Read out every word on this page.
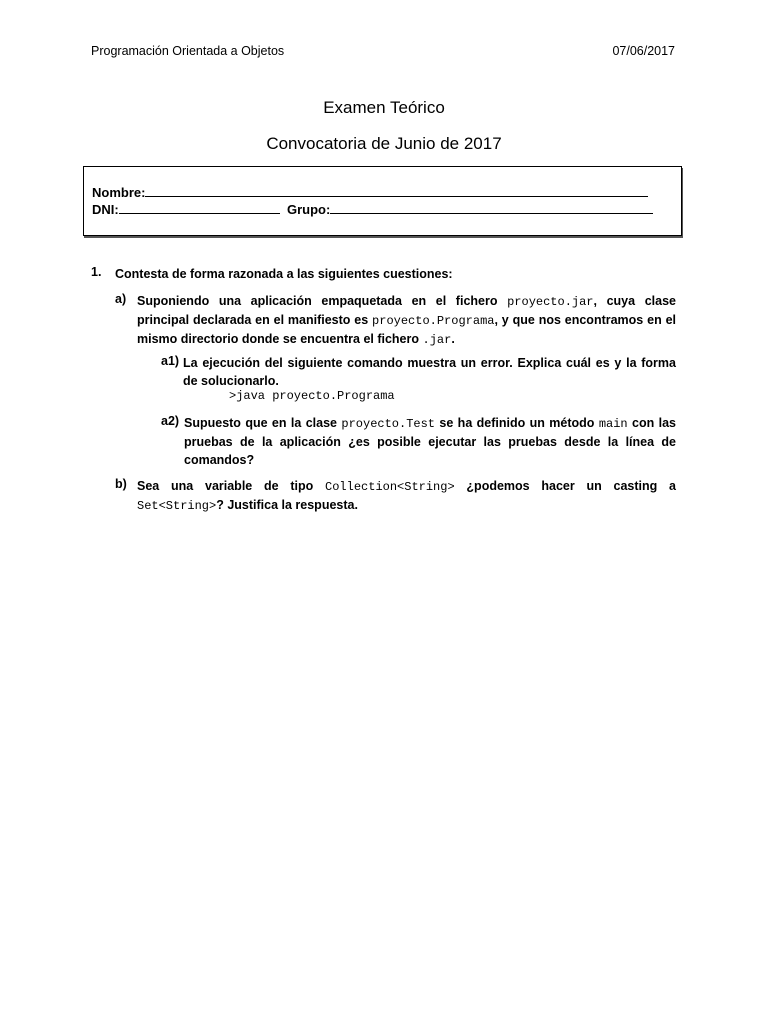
Programación Orientada a Objetos	07/06/2017
Examen Teórico
Convocatoria de Junio de 2017
Nombre:
DNI:	Grupo:
1. Contesta de forma razonada a las siguientes cuestiones:
a) Suponiendo una aplicación empaquetada en el fichero proyecto.jar, cuya clase principal declarada en el manifiesto es proyecto.Programa, y que nos encontramos en el mismo directorio donde se encuentra el fichero .jar.
a1) La ejecución del siguiente comando muestra un error. Explica cuál es y la forma de solucionarlo.
>java proyecto.Programa
a2) Supuesto que en la clase proyecto.Test se ha definido un método main con las pruebas de la aplicación ¿es posible ejecutar las pruebas desde la línea de comandos?
b) Sea una variable de tipo Collection<String> ¿podemos hacer un casting a Set<String>? Justifica la respuesta.
